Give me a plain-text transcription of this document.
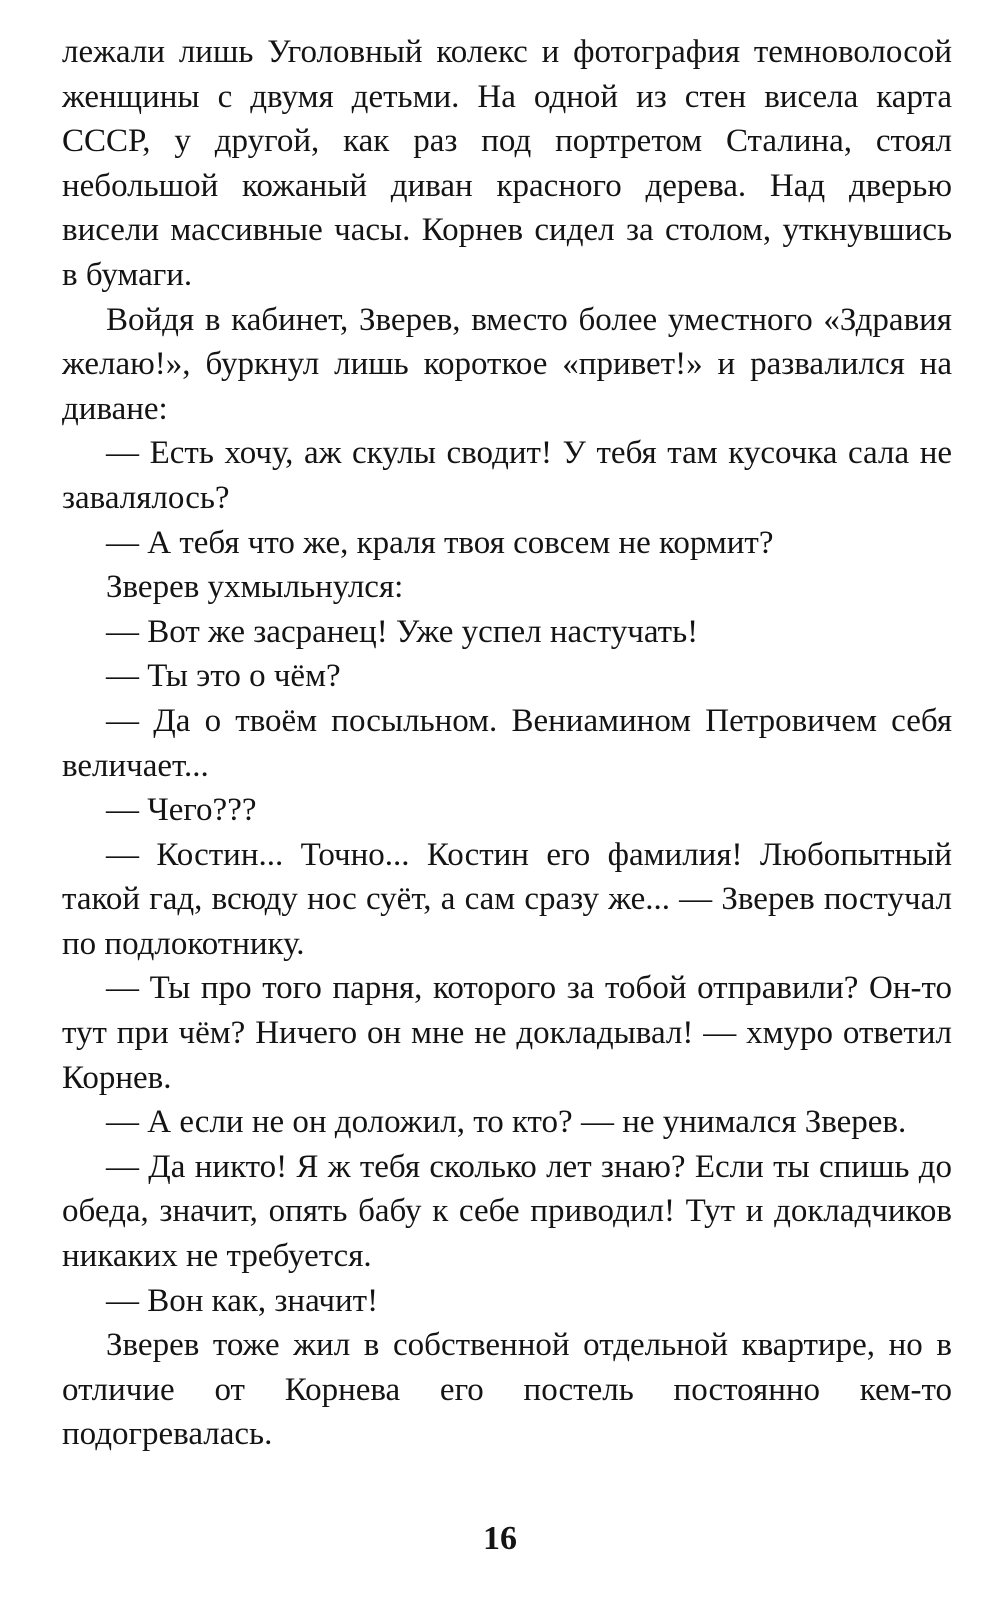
лежали лишь Уголовный колекс и фотография темноволосой женщины с двумя детьми. На одной из стен висела карта СССР, у другой, как раз под портретом Сталина, стоял небольшой кожаный диван красного дерева. Над дверью висели массивные часы. Корнев сидел за столом, уткнувшись в бумаги.

Войдя в кабинет, Зверев, вместо более уместного «Здравия желаю!», буркнул лишь короткое «привет!» и развалился на диване:

— Есть хочу, аж скулы сводит! У тебя там кусочка сала не завалялось?

— А тебя что же, краля твоя совсем не кормит?

Зверев ухмыльнулся:

— Вот же засранец! Уже успел настучать!

— Ты это о чём?

— Да о твоём посыльном. Вениамином Петровичем себя величает...

— Чего???

— Костин... Точно... Костин его фамилия! Любопытный такой гад, всюду нос суёт, а сам сразу же... — Зверев постучал по подлокотнику.

— Ты про того парня, которого за тобой отправили? Он-то тут при чём? Ничего он мне не докладывал! — хмуро ответил Корнев.

— А если не он доложил, то кто? — не унимался Зверев.

— Да никто! Я ж тебя сколько лет знаю? Если ты спишь до обеда, значит, опять бабу к себе приводил! Тут и докладчиков никаких не требуется.

— Вон как, значит!

Зверев тоже жил в собственной отдельной квартире, но в отличие от Корнева его постель постоянно кем-то подогревалась.

16
